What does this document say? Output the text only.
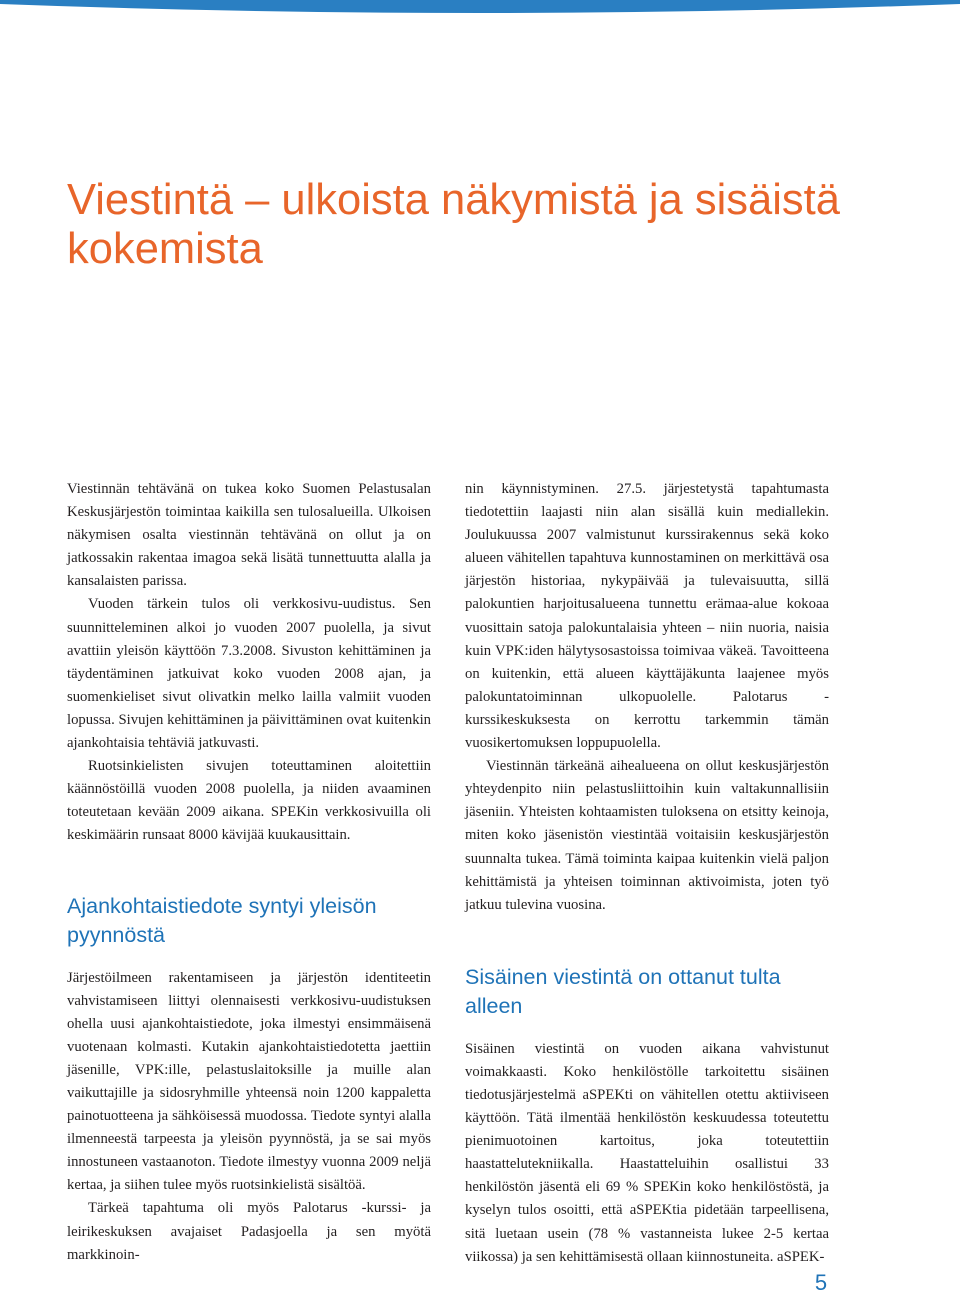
Viestintä – ulkoista näkymistä ja sisäistä kokemista

Viestinnän tehtävänä on tukea koko Suomen Pelastusalan Keskusjärjestön toimintaa kaikilla sen tulosalueilla. Ulkoisen näkymisen osalta viestinnän tehtävänä on ollut ja on jatkossakin rakentaa imagoa sekä lisätä tunnettuutta alalla ja kansalaisten parissa.

Vuoden tärkein tulos oli verkkosivu-uudistus. Sen suunnitteleminen alkoi jo vuoden 2007 puolella, ja sivut avattiin yleisön käyttöön 7.3.2008. Sivuston kehittäminen ja täydentäminen jatkuivat koko vuoden 2008 ajan, ja suomenkieliset sivut olivatkin melko lailla valmiit vuoden lopussa. Sivujen kehittäminen ja päivittäminen ovat kuitenkin ajankohtaisia tehtäviä jatkuvasti.

Ruotsinkielisten sivujen toteuttaminen aloitettiin käännöstöillä vuoden 2008 puolella, ja niiden avaaminen toteutetaan kevään 2009 aikana. SPEKin verkkosivuilla oli keskimäärin runsaat 8000 kävijää kuukausittain.

Ajankohtaistiedote syntyi yleisön pyynnöstä

Järjestöilmeen rakentamiseen ja järjestön identiteetin vahvistamiseen liittyi olennaisesti verkkosivu-uudistuksen ohella uusi ajankohtaistiedote, joka ilmestyi ensimmäisenä vuotenaan kolmasti. Kutakin ajankohtaistiedotetta jaettiin jäsenille, VPK:ille, pelastuslaitoksille ja muille alan vaikuttajille ja sidosryhmille yhteensä noin 1200 kappaletta painotuotteena ja sähköisessä muodossa. Tiedote syntyi alalla ilmenneestä tarpeesta ja yleisön pyynnöstä, ja se sai myös innostuneen vastaanoton. Tiedote ilmestyy vuonna 2009 neljä kertaa, ja siihen tulee myös ruotsinkielistä sisältöä.

Tärkeä tapahtuma oli myös Palotarus -kurssi- ja leirikeskuksen avajaiset Padasjoella ja sen myötä markkinoin-

nin käynnistyminen. 27.5. järjestetystä tapahtumasta tiedotettiin laajasti niin alan sisällä kuin mediallekin. Joulukuussa 2007 valmistunut kurssirakennus sekä koko alueen vähitellen tapahtuva kunnostaminen on merkittävä osa järjestön historiaa, nykypäivää ja tulevaisuutta, sillä palokuntien harjoitusalueena tunnettu erämaa-alue kokoaa vuosittain satoja palokuntalaisia yhteen – niin nuoria, naisia kuin VPK:iden hälytysosastoissa toimivaa väkeä. Tavoitteena on kuitenkin, että alueen käyttäjäkunta laajenee myös palokuntatoiminnan ulkopuolelle. Palotarus -kurssikeskuksesta on kerrottu tarkemmin tämän vuosikertomuksen loppupuolella.

Viestinnän tärkeänä aihealueena on ollut keskusjärjestön yhteydenpito niin pelastusliittoihin kuin valtakunnallisiin jäseniin. Yhteisten kohtaamisten tuloksena on etsitty keinoja, miten koko jäsenistön viestintää voitaisiin keskusjärjestön suunnalta tukea. Tämä toiminta kaipaa kuitenkin vielä paljon kehittämistä ja yhteisen toiminnan aktivoimista, joten työ jatkuu tulevina vuosina.

Sisäinen viestintä on ottanut tulta alleen

Sisäinen viestintä on vuoden aikana vahvistunut voimakkaasti. Koko henkilöstölle tarkoitettu sisäinen tiedotusjärjestelmä aSPEKti on vähitellen otettu aktiiviseen käyttöön. Tätä ilmentää henkilöstön keskuudessa toteutettu pienimuotoinen kartoitus, joka toteutettiin haastattelutekniikalla. Haastatteluihin osallistui 33 henkilöstön jäsentä eli 69 % SPEKin koko henkilöstöstä, ja kyselyn tulos osoitti, että aSPEKtia pidetään tarpeellisena, sitä luetaan usein (78 % vastanneista lukee 2-5 kertaa viikossa) ja sen kehittämisestä ollaan kiinnostuneita. aSPEK-

5
